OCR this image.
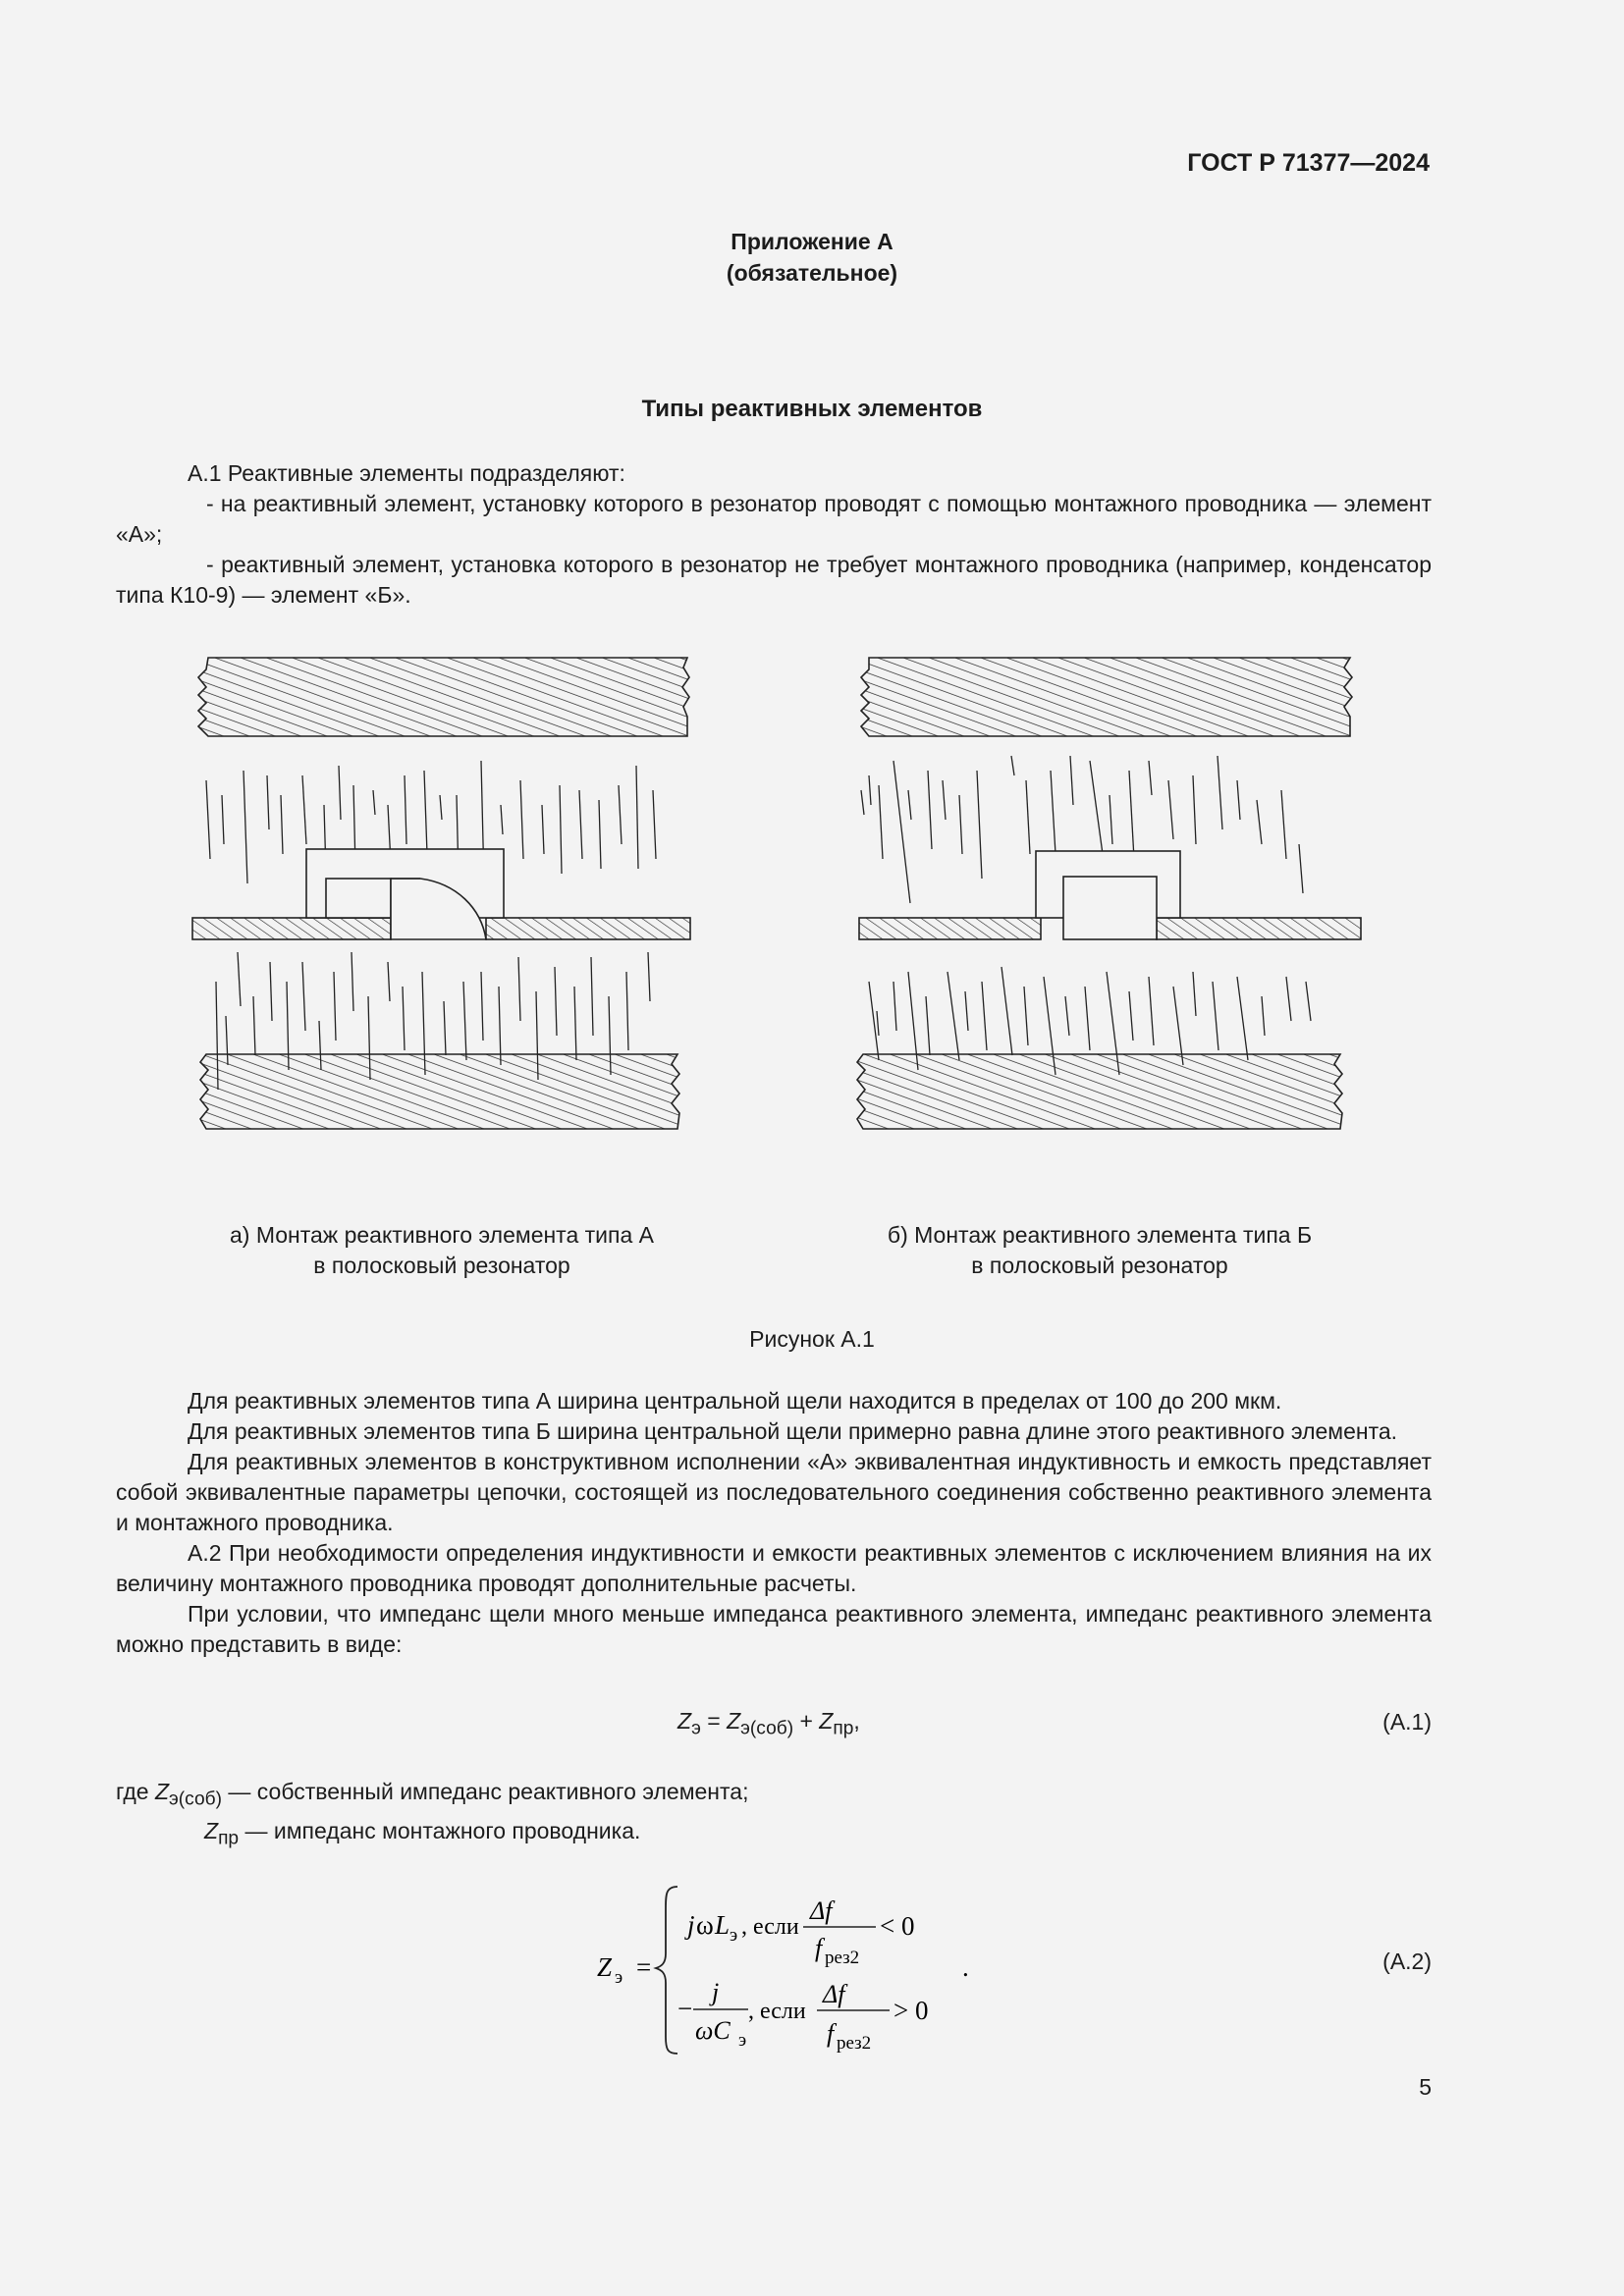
ГОСТ Р 71377—2024
Приложение А
(обязательное)
Типы реактивных элементов

А.1 Реактивные элементы подразделяют:

- на реактивный элемент, установку которого в резонатор проводят с помощью монтажного проводника — элемент «А»;

- реактивный элемент, установка которого в резонатор не требует монтажного проводника (например, конденсатор типа К10-9) — элемент «Б».

а) Монтаж реактивного элемента типа А
в полосковый резонатор
б) Монтаж реактивного элемента типа Б
в полосковый резонатор
Рисунок А.1

Для реактивных элементов типа А ширина центральной щели находится в пределах от 100 до 200 мкм.

Для реактивных элементов типа Б ширина центральной щели примерно равна длине этого реактивного элемента.

Для реактивных элементов в конструктивном исполнении «А» эквивалентная индуктивность и емкость представляет собой эквивалентные параметры цепочки, состоящей из последовательного соединения собственно реактивного элемента и монтажного проводника.

А.2 При необходимости определения индуктивности и емкости реактивных элементов с исключением влияния на их величину монтажного проводника проводят дополнительные расчеты.

При условии, что импеданс щели много меньше импеданса реактивного элемента, импеданс реактивного элемента можно представить в виде:

$Z_э = Z_{э(соб)} + Z_{пр}$,	(А.1)
где $Z_{э(соб)}$ — собственный импеданс реактивного элемента;
$Z_{пр}$ — импеданс монтажного проводника.
Z э =
j ω L э , если
Δf
f рез2
< 0
−
j
ωC э
, если
Δf
f рез2
> 0
.	(А.2)
5
